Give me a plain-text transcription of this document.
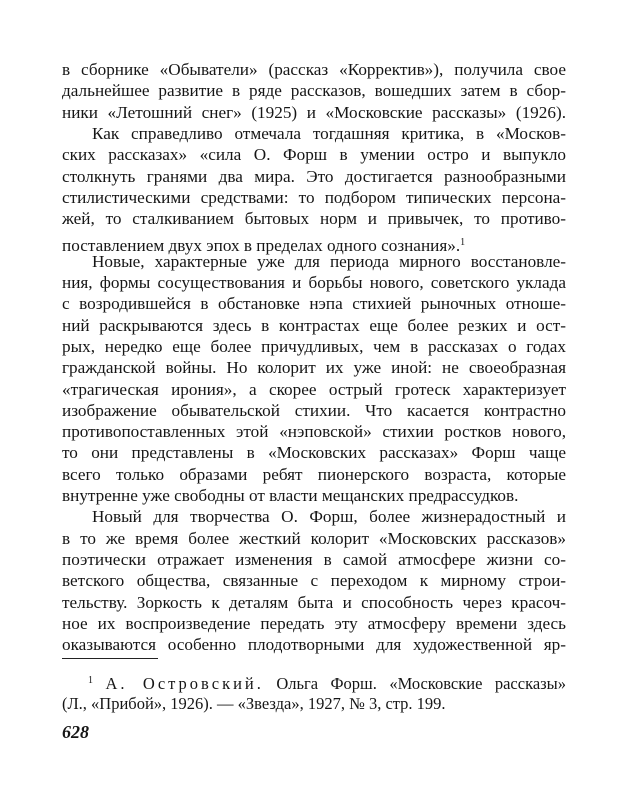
в сборнике «Обыватели» (рассказ «Корректив»), получила свое
дальнейшее развитие в ряде рассказов, вошедших затем в сбор-
ники «Летошний снег» (1925) и «Московские рассказы» (1926).
Как справедливо отмечала тогдашняя критика, в «Москов-
ских рассказах» «сила О. Форш в умении остро и выпукло
столкнуть гранями два мира. Это достигается разнообразными
стилистическими средствами: то подбором типических персона-
жей, то сталкиванием бытовых норм и привычек, то противо-
поставлением двух эпох в пределах одного сознания».$^1$
Новые, характерные уже для периода мирного восстановле-
ния, формы сосуществования и борьбы нового, советского уклада
с возродившейся в обстановке нэпа стихией рыночных отноше-
ний раскрываются здесь в контрастах еще более резких и ост-
рых, нередко еще более причудливых, чем в рассказах о годах
гражданской войны. Но колорит их уже иной: не своеобразная
«трагическая ирония», а скорее острый гротеск характеризует
изображение обывательской стихии. Что касается контрастно
противопоставленных этой «нэповской» стихии ростков нового,
то они представлены в «Московских рассказах» Форш чаще
всего только образами ребят пионерского возраста, которые
внутренне уже свободны от власти мещанских предрассудков.
Новый для творчества О. Форш, более жизнерадостный и
в то же время более жесткий колорит «Московских рассказов»
поэтически отражает изменения в самой атмосфере жизни со-
ветского общества, связанные с переходом к мирному строи-
тельству. Зоркость к деталям быта и способность через красоч-
ное их воспроизведение передать эту атмосферу времени здесь
$^1$ А. Островский. Ольга Форш. «Московские рассказы»
(Л., «Прибой», 1926). — «Звезда», 1927, № 3, стр. 199.
628
оказываются особенно плодотворными для художественной яр-
